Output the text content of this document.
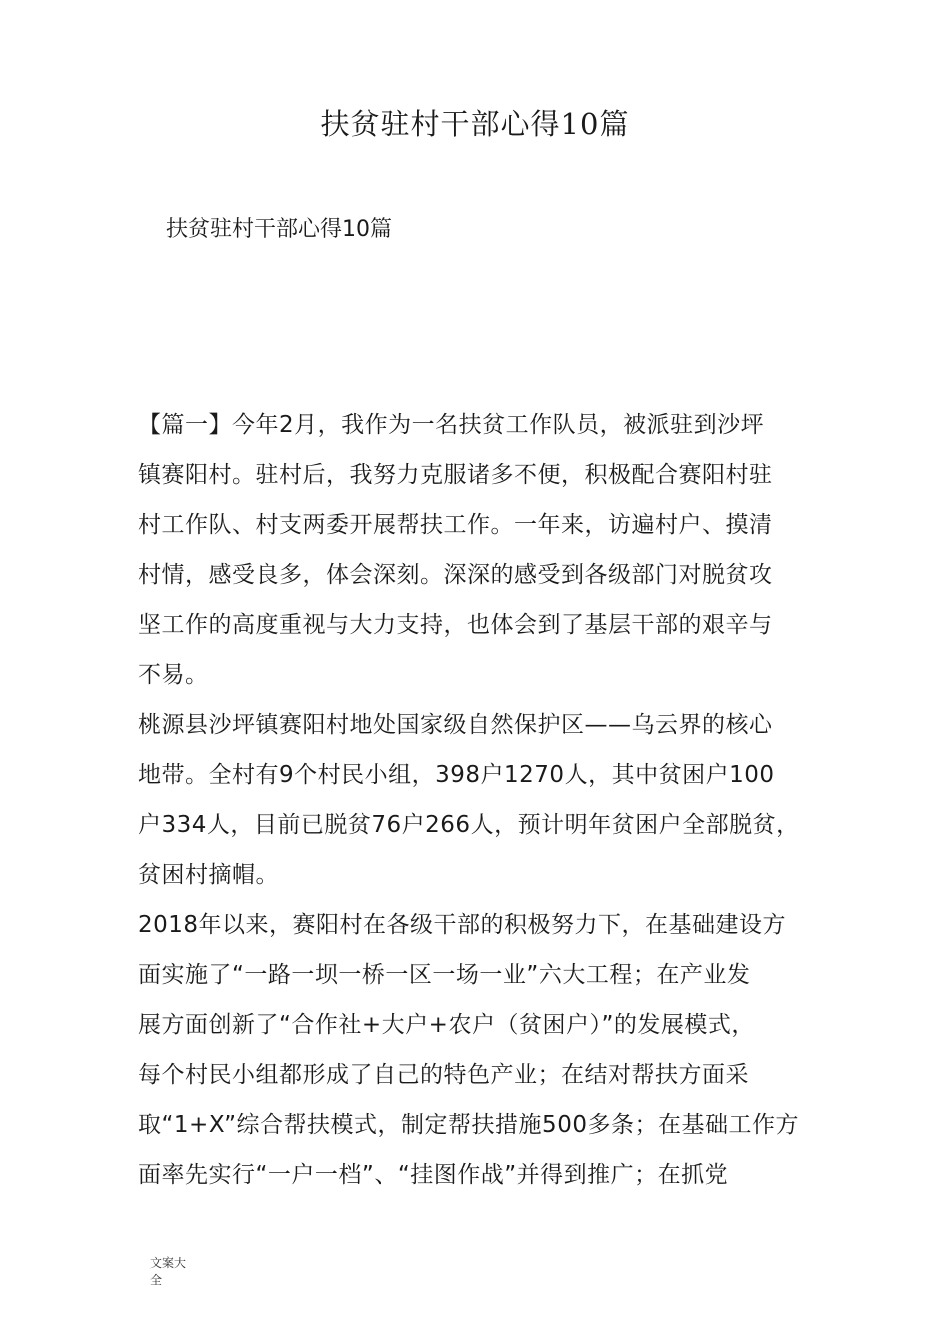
扶贫驻村干部心得10篇
扶贫驻村干部心得10篇

【篇一】今年2月，我作为一名扶贫工作队员，被派驻到沙坪
镇赛阳村。驻村后，我努力克服诸多不便，积极配合赛阳村驻
村工作队、村支两委开展帮扶工作。一年来，访遍村户、摸清
村情，感受良多，体会深刻。深深的感受到各级部门对脱贫攻
坚工作的高度重视与大力支持，也体会到了基层干部的艰辛与
不易。

桃源县沙坪镇赛阳村地处国家级自然保护区——乌云界的核心
地带。全村有9个村民小组，398户1270人，其中贫困户100
户334人，目前已脱贫76户266人，预计明年贫困户全部脱贫，
贫困村摘帽。

2018年以来，赛阳村在各级干部的积极努力下，在基础建设方
面实施了“一路一坝一桥一区一场一业”六大工程；在产业发
展方面创新了“合作社+大户+农户（贫困户）”的发展模式，
每个村民小组都形成了自己的特色产业；在结对帮扶方面采
取“1+X”综合帮扶模式，制定帮扶措施500多条；在基础工作方
面率先实行“一户一档”、“挂图作战”并得到推广；在抓党

文案大全
